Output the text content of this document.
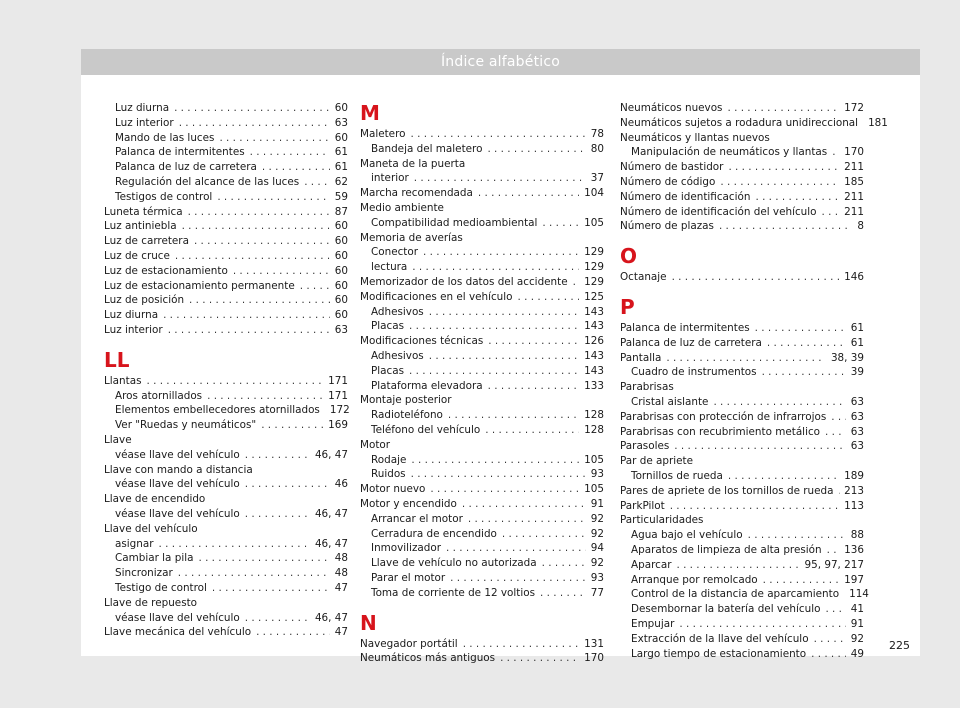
Índice alfabético
Luz diurna . . .	60
Luz interior . . .	63
Mando de las luces . . .	60
Palanca de intermitentes . . .	61
Palanca de luz de carretera . . .	61
Regulación del alcance de las luces . . .	62
Testigos de control . . .	59
Luneta térmica . . .	87
Luz antiniebla . . .	60
Luz de carretera . . .	60
Luz de cruce . . .	60
Luz de estacionamiento . . .	60
Luz de estacionamiento permanente . . .	60
Luz de posición . . .	60
Luz diurna . . .	60
Luz interior . . .	63
LL
Llantas . . .	171
Aros atornillados . . .	171
Elementos embellecedores atornillados 172
Ver "Ruedas y neumáticos" . . .	169
Llave
véase llave del vehículo . . .	46, 47
Llave con mando a distancia
véase llave del vehículo . . .	46
Llave de encendido
véase llave del vehículo . . .	46, 47
Llave del vehículo
asignar . . .	46, 47
Cambiar la pila . . .	48
Sincronizar . . .	48
Testigo de control . . .	47
Llave de repuesto
véase llave del vehículo . . .	46, 47
Llave mecánica del vehículo . . .	47
M
Maletero . . .	78
Bandeja del maletero . . .	80
Maneta de la puerta
interior . . .	37
Marcha recomendada . . .	104
Medio ambiente
Compatibilidad medioambiental . . .	105
Memoria de averías
Conector . . .	129
lectura . . .	129
Memorizador de los datos del accidente . . . 129
Modificaciones en el vehículo . . .	125
Adhesivos . . .	143
Placas . . .	143
Modificaciones técnicas . . .	126
Adhesivos . . .	143
Placas . . .	143
Plataforma elevadora . . .	133
Montaje posterior
Radioteléfono . . .	128
Teléfono del vehículo . . .	128
Motor
Rodaje . . .	105
Ruidos . . .	93
Motor nuevo . . .	105
Motor y encendido . . .	91
Arrancar el motor . . .	92
Cerradura de encendido . . .	92
Inmovilizador . . .	94
Llave de vehículo no autorizada . . .	92
Parar el motor . . .	93
Toma de corriente de 12 voltios . . .	77
N
Navegador portátil . . .	131
Neumáticos más antiguos . . .	170
Neumáticos nuevos . . .	172
Neumáticos sujetos a rodadura unidireccional 181
Neumáticos y llantas nuevos
Manipulación de neumáticos y llantas . . . 170
Número de bastidor . . .	211
Número de código . . .	185
Número de identificación . . .	211
Número de identificación del vehículo . . .	211
Número de plazas . . .	8
O
Octanaje . . .	146
P
Palanca de intermitentes . . .	61
Palanca de luz de carretera . . .	61
Pantalla . . .	38, 39
Cuadro de instrumentos . . .	39
Parabrisas
Cristal aislante . . .	63
Parabrisas con protección de infrarrojos . . . 63
Parabrisas con recubrimiento metálico . . .	63
Parasoles . . .	63
Par de apriete
Tornillos de rueda . . .	189
Pares de apriete de los tornillos de rueda . . . 213
ParkPilot . . .	113
Particularidades
Agua bajo el vehículo . . .	88
Aparatos de limpieza de alta presión . . . 136
Aparcar . . .	95, 97, 217
Arranque por remolcado . . .	197
Control de la distancia de aparcamiento 114
Desembornar la batería del vehículo . . .	41
Empujar . . .	91
Extracción de la llave del vehículo . . .	92
Largo tiempo de estacionamiento . . .	49
225
